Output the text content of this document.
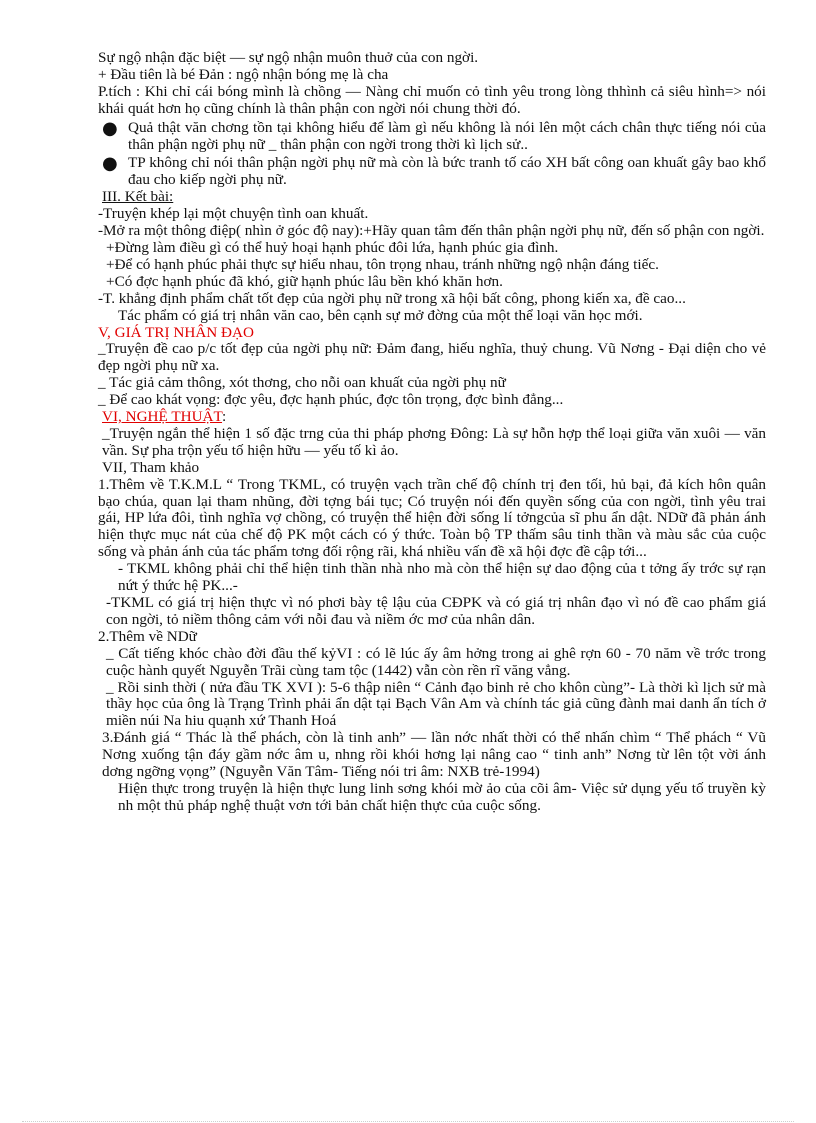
Sự ngộ nhận đặc biệt — sự ngộ nhận muôn thuở của con ngời.

+ Đầu tiên là bé Đản : ngộ nhận bóng mẹ là cha

P.tích : Khi chỉ cái bóng mình là chồng — Nàng chỉ muốn cỏ tình yêu trong lòng thhình cả siêu hình=> nói khái quát hơn họ cũng chính là thân phận con ngời nói chung thời đó.

● Quả thật văn chơng tồn tại không hiểu để làm gì nếu không là nói lên một cách chân thực tiếng nói của thân phận ngời phụ nữ _ thân phận con ngời trong thời kì lịch sử..

● TP không chỉ nói thân phận ngời phụ nữ mà còn là bức tranh tố cáo XH bất công oan khuất gây bao khổ đau cho kiếp ngời phụ nữ.

III. Kết bài:

-Truyện khép lại một chuyện tình oan khuất.

-Mở ra một thông điệp( nhìn ở góc độ nay):+Hãy quan tâm đến thân phận ngời phụ nữ, đến số phận con ngời.

+Đừng làm điều gì có thể huỷ hoại hạnh phúc đôi lứa, hạnh phúc gia đình.

+Để có hạnh phúc phải thực sự hiểu nhau, tôn trọng nhau, tránh những ngộ nhận đáng tiếc.

+Có đợc hạnh phúc đã khó, giữ hạnh phúc lâu bền khó khăn hơn.

-T. khẳng định phẩm chất tốt đẹp của ngời phụ nữ trong xã hội bất công, phong kiến xa, đề cao...

Tác phẩm có giá trị nhân văn cao, bên cạnh sự mở đờng của một thể loại văn học mới.

V, GIÁ TRỊ NHÂN ĐẠO

_Truyện đề cao p/c tốt đẹp của ngời phụ nữ: Đảm đang, hiếu nghĩa, thuỷ chung. Vũ Nơng - Đại diện cho vẻ đẹp ngời phụ nữ xa.

_ Tác giả cảm thông, xót thơng, cho nỗi oan khuất của ngời phụ nữ

_ Để cao khát vọng: đợc yêu, đợc hạnh phúc, đợc tôn trọng, đợc bình đẳng...

VI, NGHỆ THUẬT:

_Truyện ngắn thể hiện 1 số đặc trng của thi pháp phơng Đông: Là sự hỗn hợp thể loại giữa văn xuôi — văn vần. Sự pha trộn yếu tố hiện hữu — yếu tố kì ảo.

VII, Tham khảo

1.Thêm về T.K.M.L “ Trong TKML, có truyện vạch trần chế độ chính trị đen tối, hủ bại, đả kích hôn quân bạo chúa, quan lại tham nhũng, đời tợng bái tục; Có truyện nói đến quyền sống của con ngời, tình yêu trai gái, HP lứa đôi, tình nghĩa vợ chồng, có truyện thể hiện đời sống lí tởngcủa sĩ phu ẩn dật. NDữ đã phản ánh hiện thực mục nát của chế độ PK một cách có ý thức. Toàn bộ TP thấm sâu tinh thần và màu sắc của cuộc sống và phản ánh của tác phẩm tơng đối rộng rãi, khá nhiều vấn đề xã hội đợc đề cập tới...

- TKML không phải chỉ thể hiện tinh thần nhà nho mà còn thể hiện sự dao động của t tởng ấy trớc sự rạn nứt ý thức hệ PK...-

-TKML có giá trị hiện thực vì nó phơi bày tệ lậu của CĐPK và có giá trị nhân đạo vì nó đề cao phẩm giá con ngời, tỏ niềm thông cảm với nỗi đau và niềm ớc mơ của nhân dân.

2.Thêm về NDữ

_ Cất tiếng khóc chào đời đầu thế kỷVI : có lẽ lúc ấy âm hởng trong ai ghê rợn 60 - 70 năm về trớc trong cuộc hành quyết Nguyễn Trãi cùng tam tộc (1442) vẫn còn rền rĩ văng vẳng.

_ Rồi sinh thời ( nửa đầu TK XVI ): 5-6 thập niên “ Cảnh đạo binh rẻ cho khôn cùng”- Là thời kì lịch sử mà thầy học của ông là Trạng Trình phải ẩn dật tại Bạch Vân Am và chính tác giả cũng đành mai danh ẩn tích ở miền núi Na hiu quạnh xứ Thanh Hoá

3.Đánh giá “ Thác là thể phách, còn là tinh anh” — lần nớc nhất thời có thể nhấn chìm “ Thể phách “ Vũ Nơng xuống tận đáy gầm nớc âm u, nhng rồi khói hơng lại nâng cao “ tinh anh” Nơng từ lên tột vời ánh dơng ngỡng vọng” (Nguyễn Văn Tâm- Tiếng nói tri âm: NXB trẻ-1994)

Hiện thực trong truyện là hiện thực lung linh sơng khói mờ ảo của cõi âm- Việc sử dụng yếu tố truyền kỳ nh một thủ pháp nghệ thuật vơn tới bản chất hiện thực của cuộc sống.
